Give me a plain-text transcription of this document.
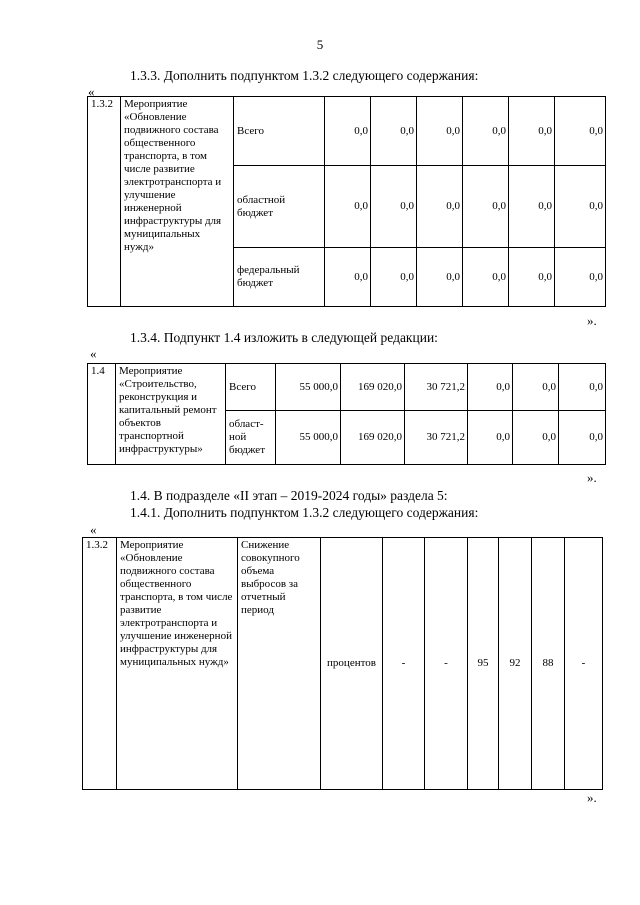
5
1.3.3. Дополнить подпунктом 1.3.2 следующего содержания:
«
1.3.2	Мероприятие «Обновление подвижного состава общественного транспорта, в том числе развитие электротранспорта и улучшение инженерной инфраструктуры для муниципальных нужд»	Всего	0,0	0,0	0,0	0,0	0,0	0,0
		областной бюджет	0,0	0,0	0,0	0,0	0,0	0,0
		федеральный бюджет	0,0	0,0	0,0	0,0	0,0	0,0
».
1.3.4. Подпункт 1.4 изложить в следующей редакции:
«
1.4	Мероприятие «Строительство, реконструкция и капитальный ремонт объектов транспортной инфраструктуры»	Всего	55 000,0	169 020,0	30 721,2	0,0	0,0	0,0
		област-ной бюджет	55 000,0	169 020,0	30 721,2	0,0	0,0	0,0
».
1.4. В подразделе «II этап – 2019-2024 годы» раздела 5:
1.4.1. Дополнить подпунктом 1.3.2 следующего содержания:
«
1.3.2	Мероприятие «Обновление подвижного состава общественного транспорта, в том числе развитие электротранспорта и улучшение инженерной инфраструктуры для муниципальных нужд»	Снижение совокупного объема выбросов за отчетный период	процентов	-	-	95	92	88	-
».
